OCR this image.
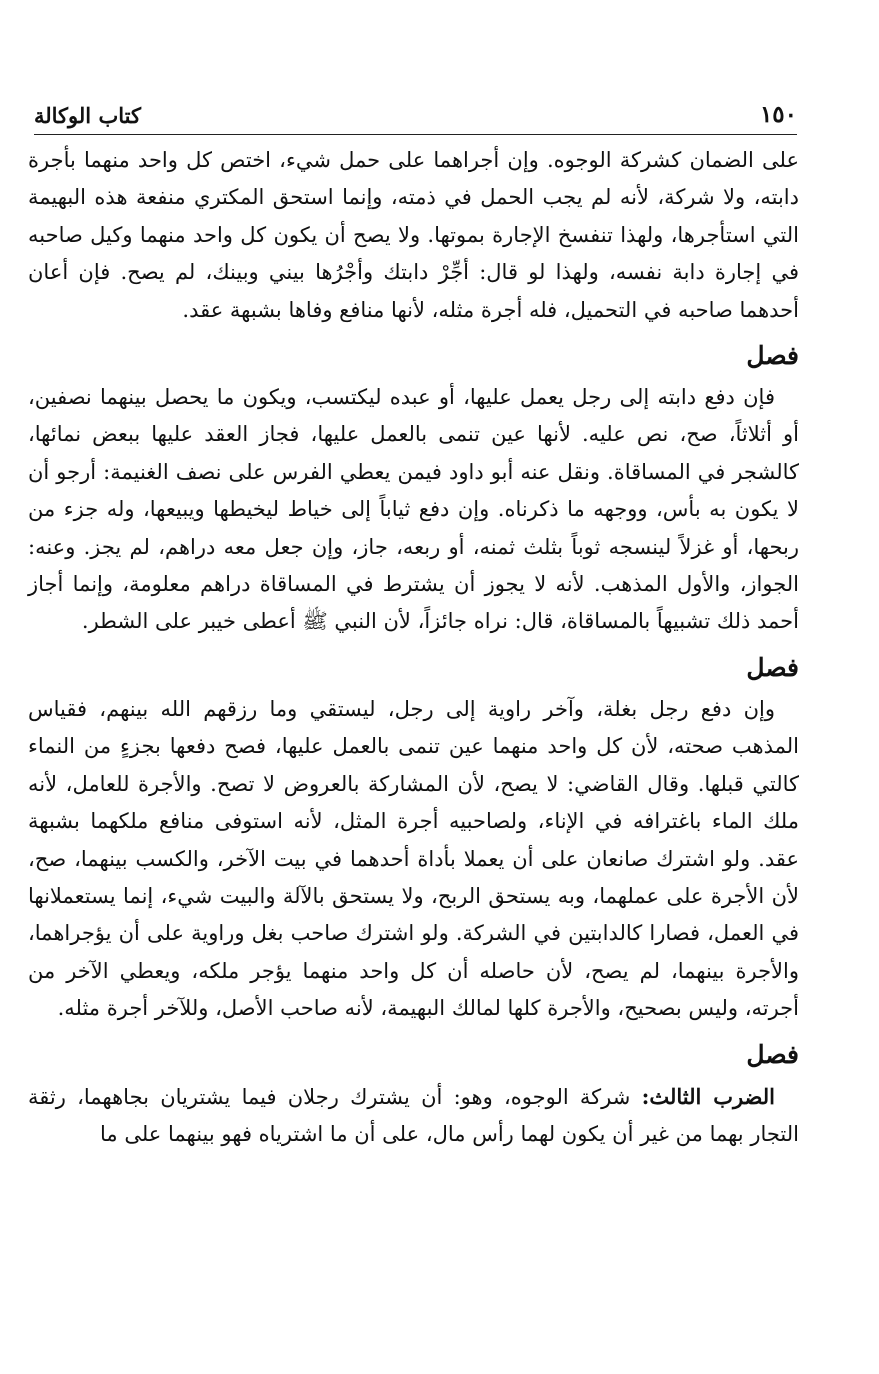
كتاب الوكالة	١٥٠

على الضمان كشركة الوجوه. وإن أجراهما على حمل شيء، اختص كل واحد منهما بأجرة دابته، ولا شركة، لأنه لم يجب الحمل في ذمته، وإنما استحق المكتري منفعة هذه البهيمة التي استأجرها، ولهذا تنفسخ الإجارة بموتها. ولا يصح أن يكون كل واحد منهما وكيل صاحبه في إجارة دابة نفسه، ولهذا لو قال: أجِّرْ دابتك وأجْرُها بيني وبينك، لم يصح. فإن أعان أحدهما صاحبه في التحميل، فله أجرة مثله، لأنها منافع وفاها بشبهة عقد.

فصل

فإن دفع دابته إلى رجل يعمل عليها، أو عبده ليكتسب، ويكون ما يحصل بينهما نصفين، أو أثلاثاً، صح، نص عليه. لأنها عين تنمى بالعمل عليها، فجاز العقد عليها ببعض نمائها، كالشجر في المساقاة. ونقل عنه أبو داود فيمن يعطي الفرس على نصف الغنيمة: أرجو أن لا يكون به بأس، ووجهه ما ذكرناه. وإن دفع ثياباً إلى خياط ليخيطها ويبيعها، وله جزء من ربحها، أو غزلاً لينسجه ثوباً بثلث ثمنه، أو ربعه، جاز، وإن جعل معه دراهم، لم يجز. وعنه: الجواز، والأول المذهب. لأنه لا يجوز أن يشترط في المساقاة دراهم معلومة، وإنما أجاز أحمد ذلك تشبيهاً بالمساقاة، قال: نراه جائزاً، لأن النبي ﷺ أعطى خيبر على الشطر.

فصل

وإن دفع رجل بغلة، وآخر راوية إلى رجل، ليستقي وما رزقهم الله بينهم، فقياس المذهب صحته، لأن كل واحد منهما عين تنمى بالعمل عليها، فصح دفعها بجزءٍ من النماء كالتي قبلها. وقال القاضي: لا يصح، لأن المشاركة بالعروض لا تصح. والأجرة للعامل، لأنه ملك الماء باغترافه في الإناء، ولصاحبيه أجرة المثل، لأنه استوفى منافع ملكهما بشبهة عقد. ولو اشترك صانعان على أن يعملا بأداة أحدهما في بيت الآخر، والكسب بينهما، صح، لأن الأجرة على عملهما، وبه يستحق الربح، ولا يستحق بالآلة والبيت شيء، إنما يستعملانها في العمل، فصارا كالدابتين في الشركة. ولو اشترك صاحب بغل وراوية على أن يؤجراهما، والأجرة بينهما، لم يصح، لأن حاصله أن كل واحد منهما يؤجر ملكه، ويعطي الآخر من أجرته، وليس بصحيح، والأجرة كلها لمالك البهيمة، لأنه صاحب الأصل، وللآخر أجرة مثله.

فصل

الضرب الثالث: شركة الوجوه، وهو: أن يشترك رجلان فيما يشتريان بجاههما، رثقة التجار بهما من غير أن يكون لهما رأس مال، على أن ما اشترياه فهو بينهما على ما
